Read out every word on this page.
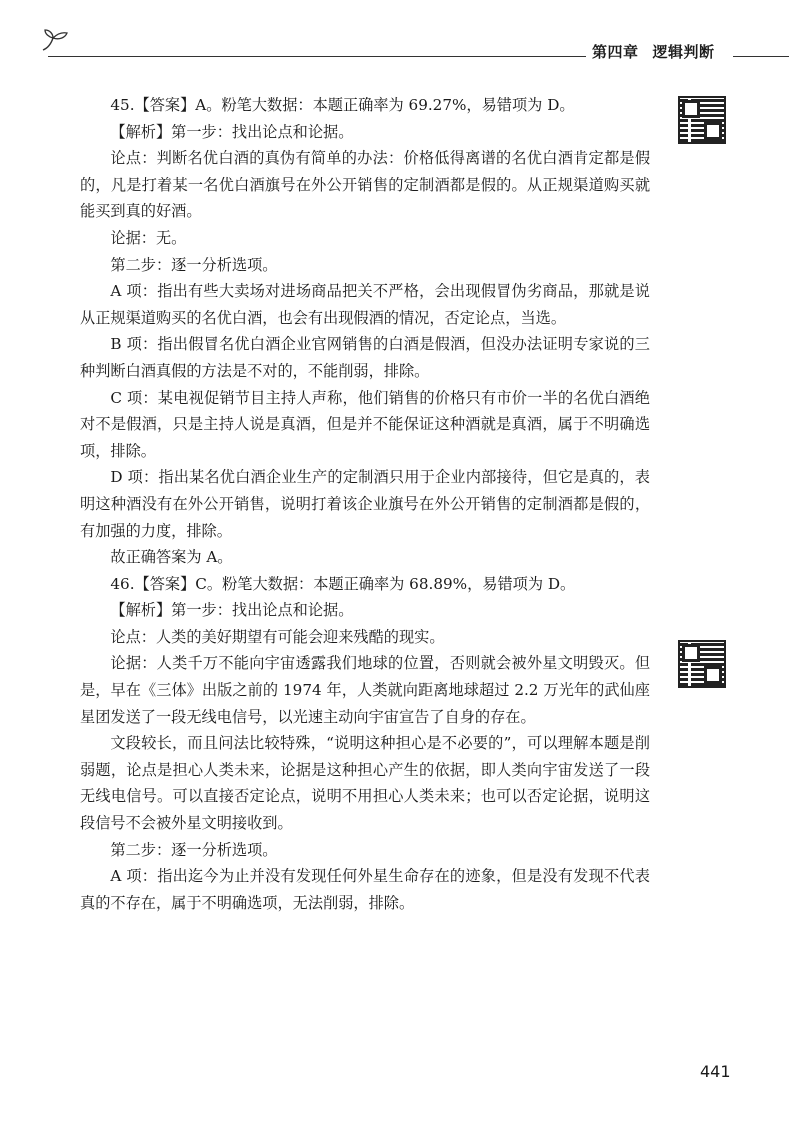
第四章 逻辑判断

45.【答案】A。粉笔大数据：本题正确率为 69.27%，易错项为 D。

【解析】第一步：找出论点和论据。

论点：判断名优白酒的真伪有简单的办法：价格低得离谱的名优白酒肯定都是假的，凡是打着某一名优白酒旗号在外公开销售的定制酒都是假的。从正规渠道购买就能买到真的好酒。

论据：无。

第二步：逐一分析选项。

A 项：指出有些大卖场对进场商品把关不严格，会出现假冒伪劣商品，那就是说从正规渠道购买的名优白酒，也会有出现假酒的情况，否定论点，当选。

B 项：指出假冒名优白酒企业官网销售的白酒是假酒，但没办法证明专家说的三种判断白酒真假的方法是不对的，不能削弱，排除。

C 项：某电视促销节目主持人声称，他们销售的价格只有市价一半的名优白酒绝对不是假酒，只是主持人说是真酒，但是并不能保证这种酒就是真酒，属于不明确选项，排除。

D 项：指出某名优白酒企业生产的定制酒只用于企业内部接待，但它是真的，表明这种酒没有在外公开销售，说明打着该企业旗号在外公开销售的定制酒都是假的，有加强的力度，排除。

故正确答案为 A。

46.【答案】C。粉笔大数据：本题正确率为 68.89%，易错项为 D。

【解析】第一步：找出论点和论据。

论点：人类的美好期望有可能会迎来残酷的现实。

论据：人类千万不能向宇宙透露我们地球的位置，否则就会被外星文明毁灭。但是，早在《三体》出版之前的 1974 年，人类就向距离地球超过 2.2 万光年的武仙座星团发送了一段无线电信号，以光速主动向宇宙宣告了自身的存在。

文段较长，而且问法比较特殊，“说明这种担心是不必要的”，可以理解本题是削弱题，论点是担心人类未来，论据是这种担心产生的依据，即人类向宇宙发送了一段无线电信号。可以直接否定论点，说明不用担心人类未来；也可以否定论据，说明这段信号不会被外星文明接收到。

第二步：逐一分析选项。

A 项：指出迄今为止并没有发现任何外星生命存在的迹象，但是没有发现不代表真的不存在，属于不明确选项，无法削弱，排除。

441
